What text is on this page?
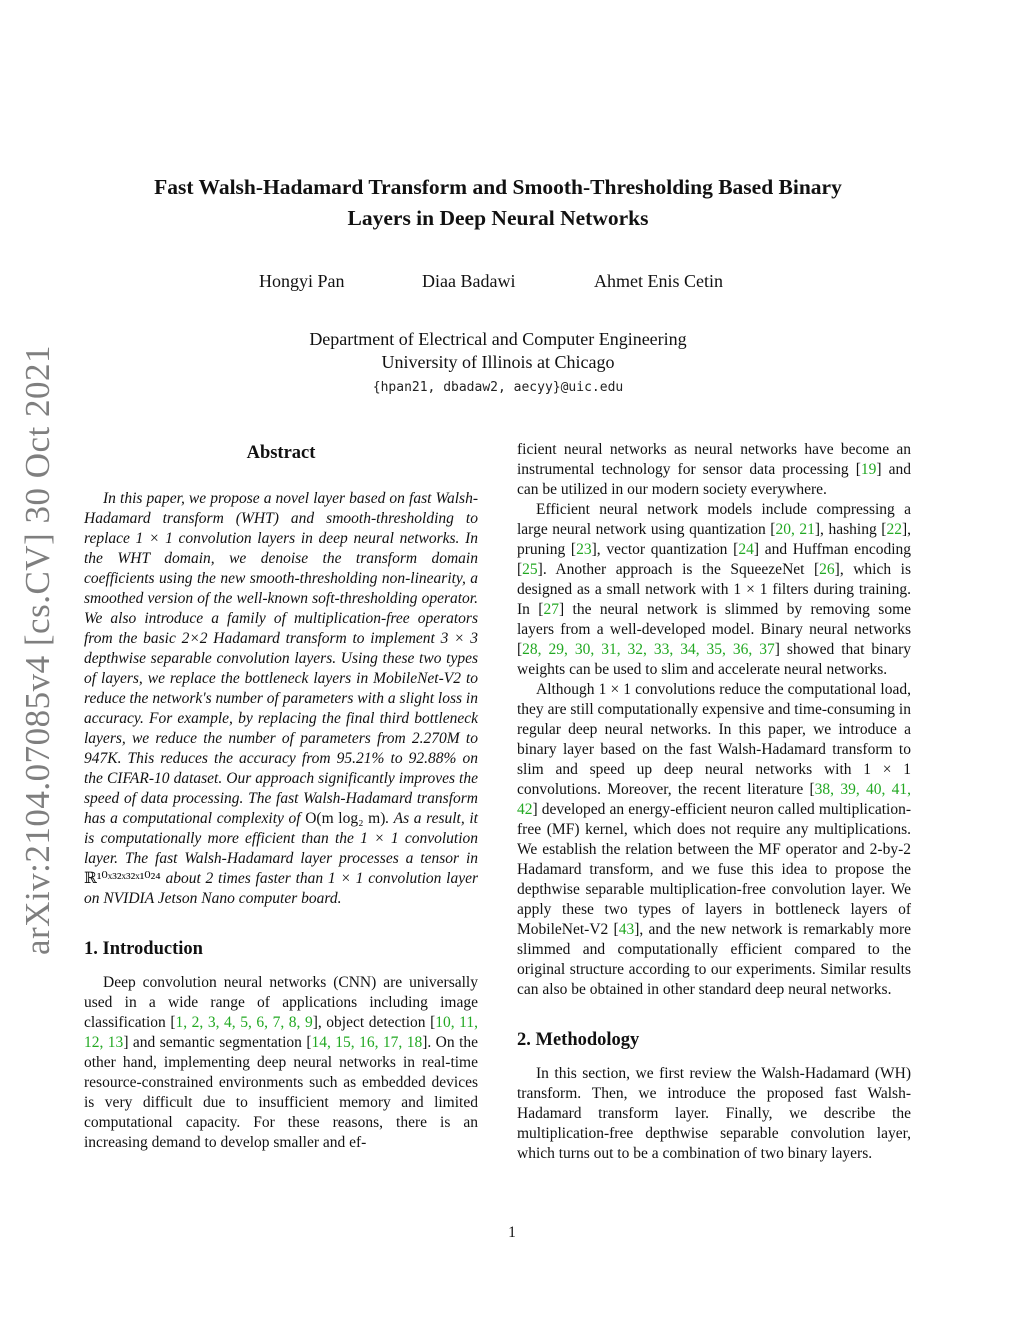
arXiv:2104.07085v4 [cs.CV] 30 Oct 2021
Fast Walsh-Hadamard Transform and Smooth-Thresholding Based Binary
Layers in Deep Neural Networks
Hongyi Pan	Diaa Badawi	Ahmet Enis Cetin
Department of Electrical and Computer Engineering
University of Illinois at Chicago
{hpan21, dbadaw2, aecyy}@uic.edu
Abstract

In this paper, we propose a novel layer based on fast Walsh-Hadamard transform (WHT) and smooth-thresholding to replace 1 × 1 convolution layers in deep neural networks. In the WHT domain, we denoise the transform domain coefficients using the new smooth-thresholding non-linearity, a smoothed version of the well-known soft-thresholding operator. We also introduce a family of multiplication-free operators from the basic 2×2 Hadamard transform to implement 3 × 3 depthwise separable convolution layers. Using these two types of layers, we replace the bottleneck layers in MobileNet-V2 to reduce the network's number of parameters with a slight loss in accuracy. For example, by replacing the final third bottleneck layers, we reduce the number of parameters from 2.270M to 947K. This reduces the accuracy from 95.21% to 92.88% on the CIFAR-10 dataset. Our approach significantly improves the speed of data processing. The fast Walsh-Hadamard transform has a computational complexity of O(m log₂ m). As a result, it is computationally more efficient than the 1 × 1 convolution layer. The fast Walsh-Hadamard layer processes a tensor in ℝ¹⁰ˣ³²ˣ³²ˣ¹⁰²⁴ about 2 times faster than 1 × 1 convolution layer on NVIDIA Jetson Nano computer board.

1. Introduction

Deep convolution neural networks (CNN) are universally used in a wide range of applications including image classification [1, 2, 3, 4, 5, 6, 7, 8, 9], object detection [10, 11, 12, 13] and semantic segmentation [14, 15, 16, 17, 18]. On the other hand, implementing deep neural networks in real-time resource-constrained environments such as embedded devices is very difficult due to insufficient memory and limited computational capacity. For these reasons, there is an increasing demand to develop smaller and ef-

ficient neural networks as neural networks have become an instrumental technology for sensor data processing [19] and can be utilized in our modern society everywhere.

Efficient neural network models include compressing a large neural network using quantization [20, 21], hashing [22], pruning [23], vector quantization [24] and Huffman encoding [25]. Another approach is the SqueezeNet [26], which is designed as a small network with 1 × 1 filters during training. In [27] the neural network is slimmed by removing some layers from a well-developed model. Binary neural networks [28, 29, 30, 31, 32, 33, 34, 35, 36, 37] showed that binary weights can be used to slim and accelerate neural networks.

Although 1 × 1 convolutions reduce the computational load, they are still computationally expensive and time-consuming in regular deep neural networks. In this paper, we introduce a binary layer based on the fast Walsh-Hadamard transform to slim and speed up deep neural networks with 1 × 1 convolutions. Moreover, the recent literature [38, 39, 40, 41, 42] developed an energy-efficient neuron called multiplication-free (MF) kernel, which does not require any multiplications. We establish the relation between the MF operator and 2-by-2 Hadamard transform, and we fuse this idea to propose the depthwise separable multiplication-free convolution layer. We apply these two types of layers in bottleneck layers of MobileNet-V2 [43], and the new network is remarkably more slimmed and computationally efficient compared to the original structure according to our experiments. Similar results can also be obtained in other standard deep neural networks.

2. Methodology

In this section, we first review the Walsh-Hadamard (WH) transform. Then, we introduce the proposed fast Walsh-Hadamard transform layer. Finally, we describe the multiplication-free depthwise separable convolution layer, which turns out to be a combination of two binary layers.

1
